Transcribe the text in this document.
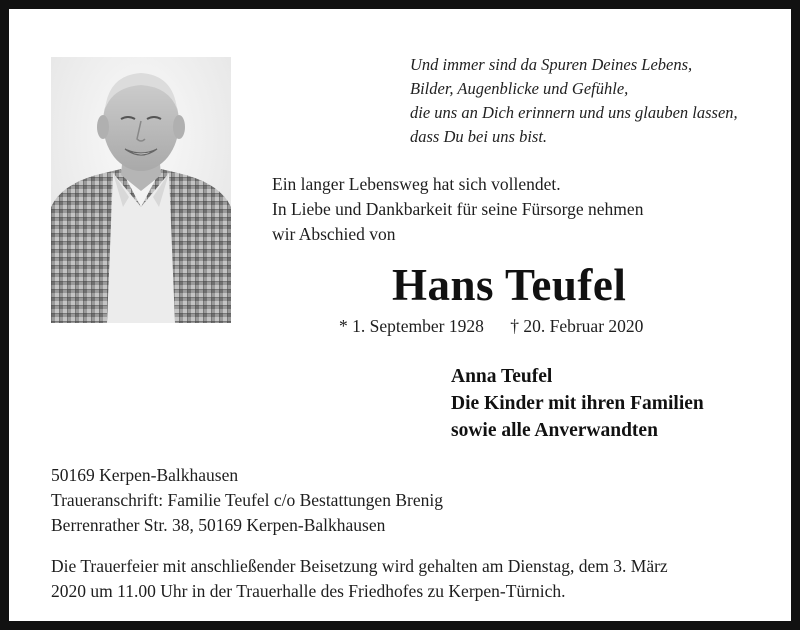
Und immer sind da Spuren Deines Lebens,
Bilder, Augenblicke und Gefühle,
die uns an Dich erinnern und uns glauben lassen,
dass Du bei uns bist.
Ein langer Lebensweg hat sich vollendet.
In Liebe und Dankbarkeit für seine Fürsorge nehmen
wir Abschied von
Hans Teufel
* 1. September 1928 † 20. Februar 2020
Anna Teufel
Die Kinder mit ihren Familien
sowie alle Anverwandten
50169 Kerpen-Balkhausen
Traueranschrift: Familie Teufel c/o Bestattungen Brenig
Berrenrather Str. 38, 50169 Kerpen-Balkhausen
Die Trauerfeier mit anschließender Beisetzung wird gehalten am Dienstag, dem 3. März
2020 um 11.00 Uhr in der Trauerhalle des Friedhofes zu Kerpen-Türnich.
